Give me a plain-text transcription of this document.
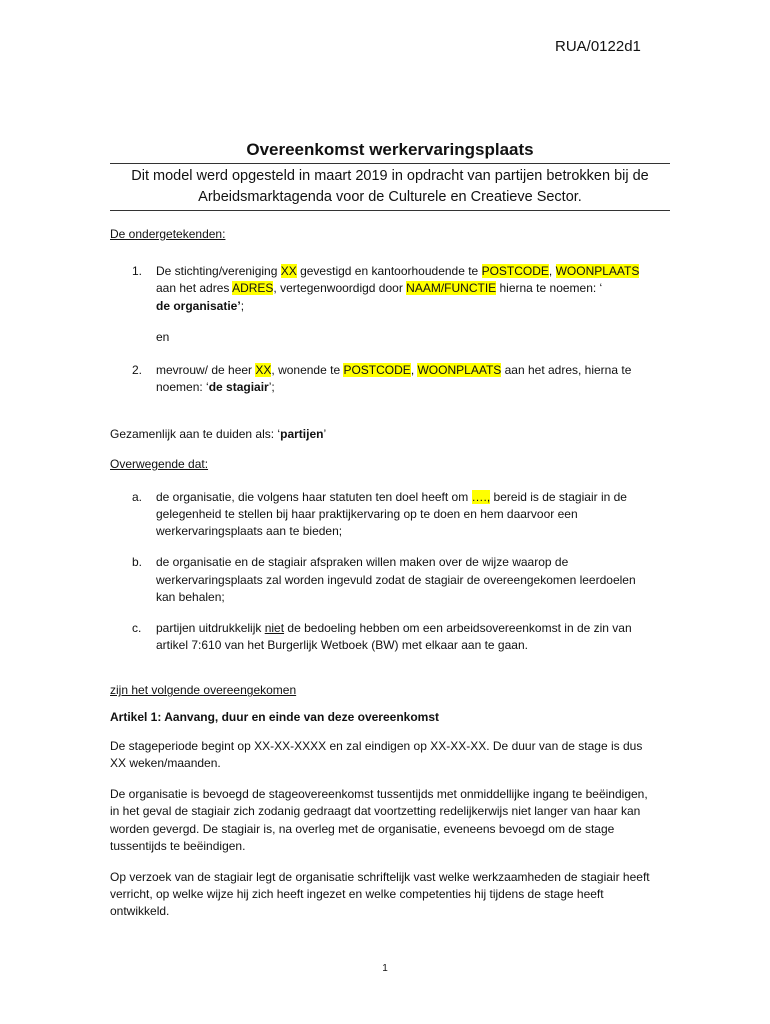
RUA/0122d1
Overeenkomst werkervaringsplaats
Dit model werd opgesteld in maart 2019 in opdracht van partijen betrokken bij de
Arbeidsmarktagenda voor de Culturele en Creatieve Sector.

De ondergetekenden:

1.	De stichting/vereniging XX gevestigd en kantoorhoudende te POSTCODE, WOONPLAATS
aan het adres ADRES, vertegenwoordigd door NAAM/FUNCTIE hierna te noemen: ‘
de organisatie’;

en

2.	mevrouw/ de heer XX, wonende te POSTCODE, WOONPLAATS aan het adres, hierna te
noemen: ‘de stagiair’;

Gezamenlijk aan te duiden als: ‘partijen’

Overwegende dat:

a.	de organisatie, die volgens haar statuten ten doel heeft om …., bereid is de stagiair in de
gelegenheid te stellen bij haar praktijkervaring op te doen en hem daarvoor een
werkervaringsplaats aan te bieden;
b.	de organisatie en de stagiair afspraken willen maken over de wijze waarop de
werkervaringsplaats zal worden ingevuld zodat de stagiair de overeengekomen leerdoelen
kan behalen;
c.	partijen uitdrukkelijk niet de bedoeling hebben om een arbeidsovereenkomst in de zin van
artikel 7:610 van het Burgerlijk Wetboek (BW) met elkaar aan te gaan.

zijn het volgende overeengekomen

Artikel 1: Aanvang, duur en einde van deze overeenkomst

De stageperiode begint op XX-XX-XXXX en zal eindigen op XX-XX-XX. De duur van de stage is dus
XX weken/maanden.
De organisatie is bevoegd de stageovereenkomst tussentijds met onmiddellijke ingang te beëindigen,
in het geval de stagiair zich zodanig gedraagt dat voortzetting redelijkerwijs niet langer van haar kan
worden gevergd. De stagiair is, na overleg met de organisatie, eveneens bevoegd om de stage
tussentijds te beëindigen.
Op verzoek van de stagiair legt de organisatie schriftelijk vast welke werkzaamheden de stagiair heeft
verricht, op welke wijze hij zich heeft ingezet en welke competenties hij tijdens de stage heeft
ontwikkeld.
1
